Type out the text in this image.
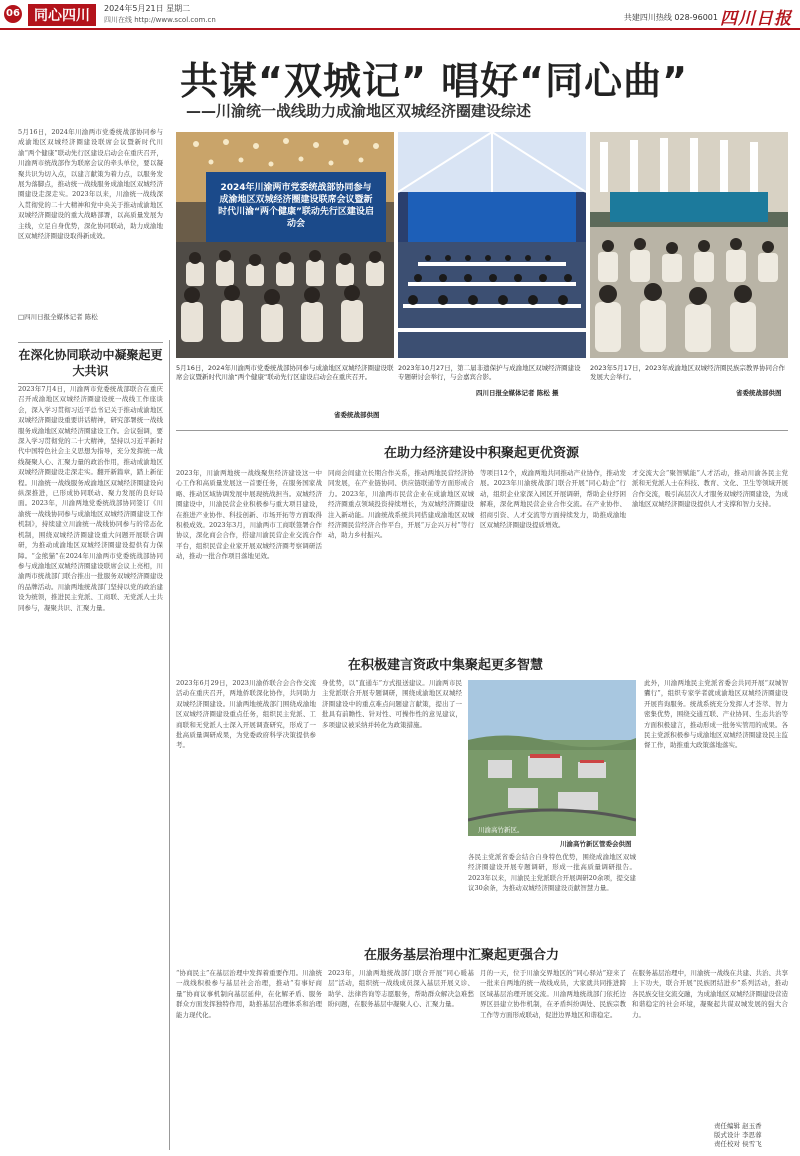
06	同心四川	2024年5月21日 星期二
四川在线 http://www.scol.com.cn	共建四川热线 028-96001 四川日报
共谋“双城记” 唱好“同心曲”
——川渝统一战线助力成渝地区双城经济圈建设综述
5月16日，2024年川渝两市党委统战部协同参与成渝地区双城经济圈建设联席会议暨新时代川渝“两个健康”联动先行区建设启动会在重庆召开，川渝两市统战部作为联席会议的牵头单位，要以凝聚共识为切入点，以建言献策为着力点，以服务发展为落脚点，推动统一战线服务成渝地区双城经济圈建设走深走实。2023年以来，川渝统一战线深入贯彻党的二十大精神和党中央关于推动成渝地区双城经济圈建设的重大战略部署，以高质量发展为主线，立足自身优势，深化协同联动，助力成渝地区双城经济圈建设取得新成效。
□四川日报全媒体记者 陈松
2024年川渝两市党委统战部协同参与成渝地区双城经济圈建设联席会议暨新时代川渝“两个健康”联动先行区建设启动会
5月16日，2024年川渝两市党委统战部协同参与成渝地区双城经济圈建设联席会议暨新时代川渝“两个健康”联动先行区建设启动会在重庆召开。
省委统战部供图
2023年10月27日，第二届非遗保护与成渝地区双城经济圈建设专题研讨会举行，与会嘉宾合影。
四川日报全媒体记者 陈松 摄
2023年5月17日，2023年成渝地区双城经济圈民族宗教界协同合作发展大会举行。
省委统战部供图
在深化协同联动中凝聚起更大共识
2023年7月4日，川渝两市党委统战部联合在重庆召开成渝地区双城经济圈建设统一战线工作座谈会，深入学习贯彻习近平总书记关于推动成渝地区双城经济圈建设重要讲话精神，研究部署统一战线服务成渝地区双城经济圈建设工作。会议强调，要深入学习贯彻党的二十大精神，坚持以习近平新时代中国特色社会主义思想为指导，充分发挥统一战线凝聚人心、汇聚力量的政治作用，推动成渝地区双城经济圈建设走深走实。翻开新篇章，踏上新征程。川渝统一战线服务成渝地区双城经济圈建设向纵深推进，已形成协同联动、聚力发展的良好局面。2023年，川渝两地党委统战部协同签订《川渝统一战线协同参与成渝地区双城经济圈建设工作机制》，持续建立川渝统一战线协同参与的常态化机制，围绕双城经济圈建设重大问题开展联合调研，为推动成渝地区双城经济圈建设提供有力保障。“金熊猫”在2024年川渝两市党委统战部协同参与成渝地区双城经济圈建设联席会议上亮相，川渝两市统战部门联合推出一批服务双城经济圈建设的品牌活动。川渝两地统战部门坚持以党的政治建设为统领，推进民主党派、工商联、无党派人士共同参与，凝聚共识、汇聚力量。
在助力经济建设中积聚起更优资源
2023年，川渝两地统一战线聚焦经济建设这一中心工作和高质量发展这一首要任务，在服务国家战略、推动区域协调发展中展现统战担当。双城经济圈建设中，川渝民营企业积极参与重大项目建设，在推进产业协作、科技创新、市场开拓等方面取得积极成效。2023年3月，川渝两市工商联签署合作协议，深化商会合作，搭建川渝民营企业交流合作平台，组织民营企业家开展双城经济圈考察调研活动，推动一批合作项目落地见效。
同商会间建立长期合作关系，推动两地民营经济协同发展，在产业链协同、供应链联通等方面形成合力。2023年，川渝两市民营企业在成渝地区双城经济圈重点领域投资持续增长，为双城经济圈建设注入新动能。川渝统战系统共同搭建成渝地区双城经济圈民营经济合作平台，开展“万企兴万村”等行动，助力乡村振兴。
等项目12个，成渝两地共同推动产业协作，推动发展。2023年川渝统战部门联合开展“同心助企”行动，组织企业家深入园区开展调研，帮助企业纾困解难，深化两地民营企业合作交流。在产业协作、招商引资、人才交流等方面持续发力，助推成渝地区双城经济圈建设提质增效。
才交流大会“聚智赋能”人才活动，推动川渝各民主党派和无党派人士在科技、教育、文化、卫生等领域开展合作交流，吸引高层次人才服务双城经济圈建设，为成渝地区双城经济圈建设提供人才支撑和智力支持。
在积极建言资政中集聚起更多智慧
2023年6月29日，2023川渝侨联合会合作交流活动在重庆召开，两地侨联深化协作，共同助力双城经济圈建设。川渝两地统战部门围绕成渝地区双城经济圈建设重点任务，组织民主党派、工商联和无党派人士深入开展调查研究，形成了一批高质量调研成果，为党委政府科学决策提供参考。
身优势，以“直通车”方式报送建议。川渝两市民主党派联合开展专题调研，围绕成渝地区双城经济圈建设中的重点难点问题建言献策，提出了一批具有前瞻性、针对性、可操作性的意见建议，多项建议被采纳并转化为政策措施。
川渝高竹新区。
川渝高竹新区管委会供图
各民主党派省委会结合自身特色优势，围绕成渝地区双城经济圈建设开展专题调研，形成一批高质量调研报告。2023年以来，川渝民主党派联合开展调研20余项，提交建议30余条，为推动双城经济圈建设贡献智慧力量。
此外，川渝两地民主党派省委会共同开展“双城智囊行”，组织专家学者就成渝地区双城经济圈建设开展咨询服务。统战系统充分发挥人才荟萃、智力密集优势，围绕交通互联、产业协同、生态共治等方面积极建言，推动形成一批务实管用的成果。各民主党派积极参与成渝地区双城经济圈建设民主监督工作，助推重大政策落地落实。
在服务基层治理中汇聚起更强合力
“协商民主”在基层治理中发挥着重要作用。川渝统一战线积极参与基层社会治理，推动“有事好商量”协商议事机制向基层延伸，在化解矛盾、服务群众方面发挥独特作用，助推基层治理体系和治理能力现代化。
2023年，川渝两地统战部门联合开展“同心暖基层”活动，组织统一战线成员深入基层开展义诊、助学、法律咨询等志愿服务，帮助群众解决急难愁盼问题，在服务基层中凝聚人心、汇聚力量。
月的一天，位于川渝交界地区的“同心驿站”迎来了一批来自两地的统一战线成员，大家就共同推进跨区域基层治理开展交流。川渝两地统战部门依托边界区县建立协作机制，在矛盾纠纷调处、民族宗教工作等方面形成联动，促进边界地区和谐稳定。
在服务基层治理中，川渝统一战线在共建、共治、共享上下功夫，联合开展“民族团结进步”系列活动，推动各民族交往交流交融，为成渝地区双城经济圈建设营造和谐稳定的社会环境，凝聚起共谋双城发展的强大合力。
责任编辑 赵玉香
版式设计 李思蓉
责任校对 侯雪飞
